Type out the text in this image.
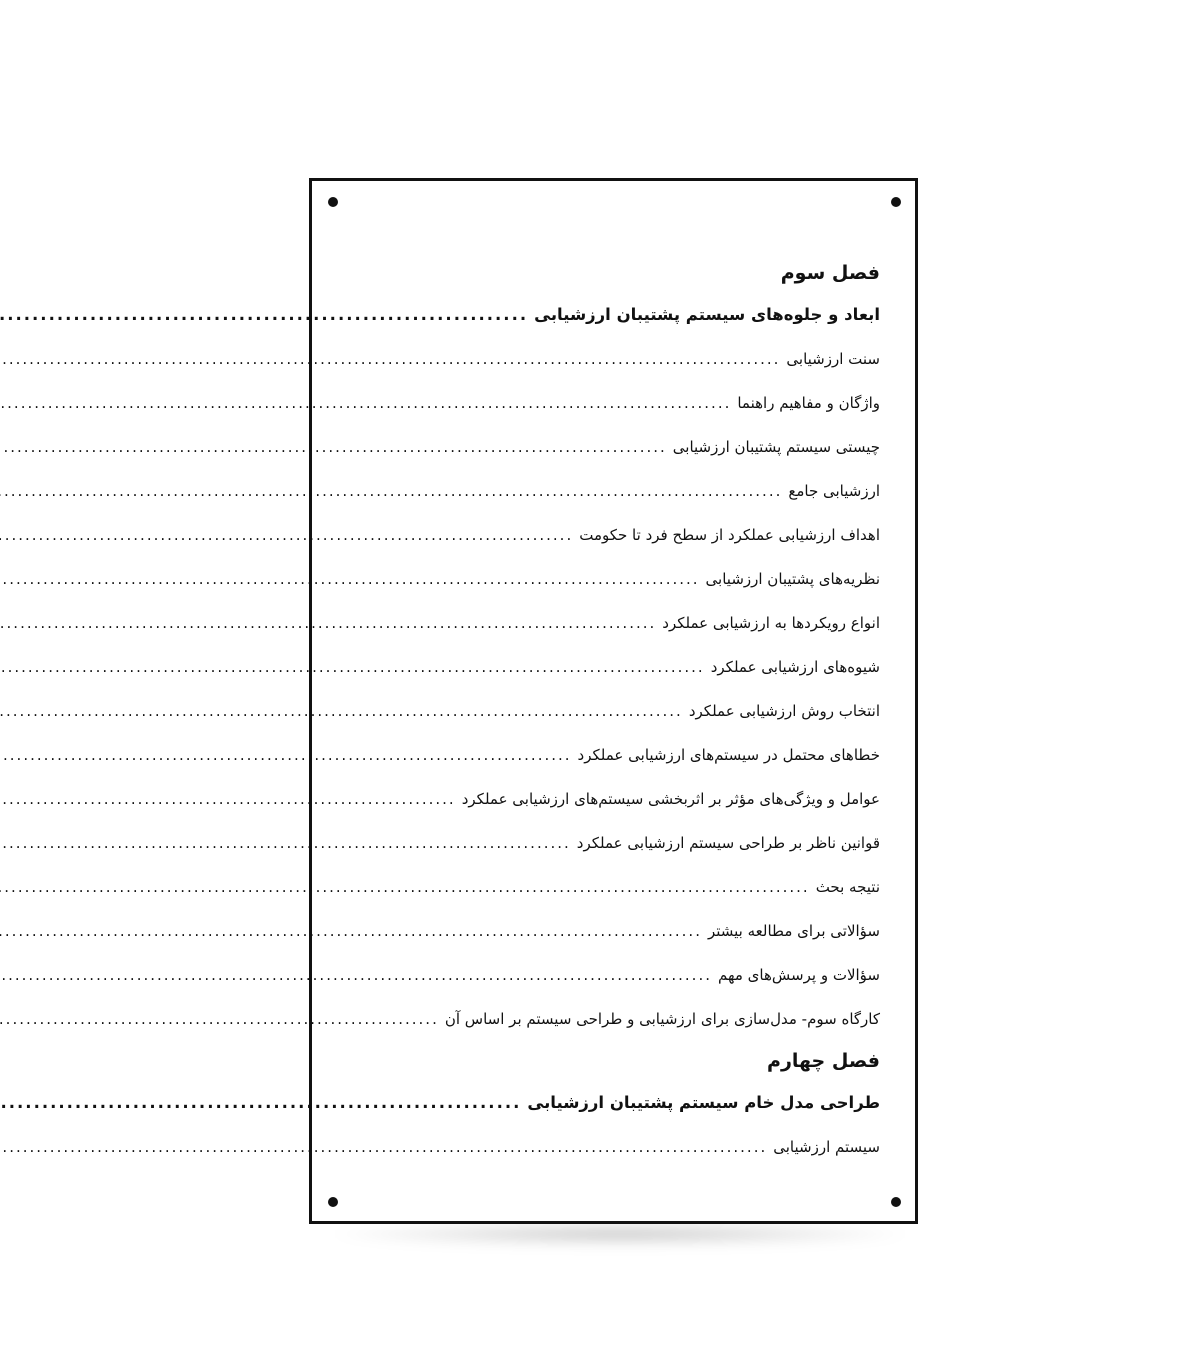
فصل سوم
ابعاد و جلوه‌های سیستم پشتیبان ارزشیابی
.....
سنت ارزشیابی
.....
واژگان و مفاهیم راهنما
.....
چیستی سیستم پشتیبان ارزشیابی
.....
ارزشیابی جامع
.....
اهداف ارزشیابی عملکرد از سطح فرد تا حکومت
.....
نظریه‌های پشتیبان ارزشیابی
.....
انواع رویکردها به ارزشیابی عملکرد
.....
شیوه‌های ارزشیابی عملکرد
.....
انتخاب روش ارزشیابی عملکرد
.....
خطاهای محتمل در سیستم‌های ارزشیابی عملکرد
.....
عوامل و ویژگی‌های مؤثر بر اثربخشی سیستم‌های ارزشیابی عملکرد
.....
قوانین ناظر بر طراحی سیستم ارزشیابی عملکرد
.....
نتیجه بحث
.....
سؤالاتی برای مطالعه بیشتر
.....
سؤالات و پرسش‌های مهم
.....
کارگاه سوم- مدل‌سازی برای ارزشیابی و طراحی سیستم بر اساس آن
.....
فصل چهارم
طراحی مدل خام سیستم پشتیبان ارزشیابی
.....
سیستم ارزشیابی
.....
